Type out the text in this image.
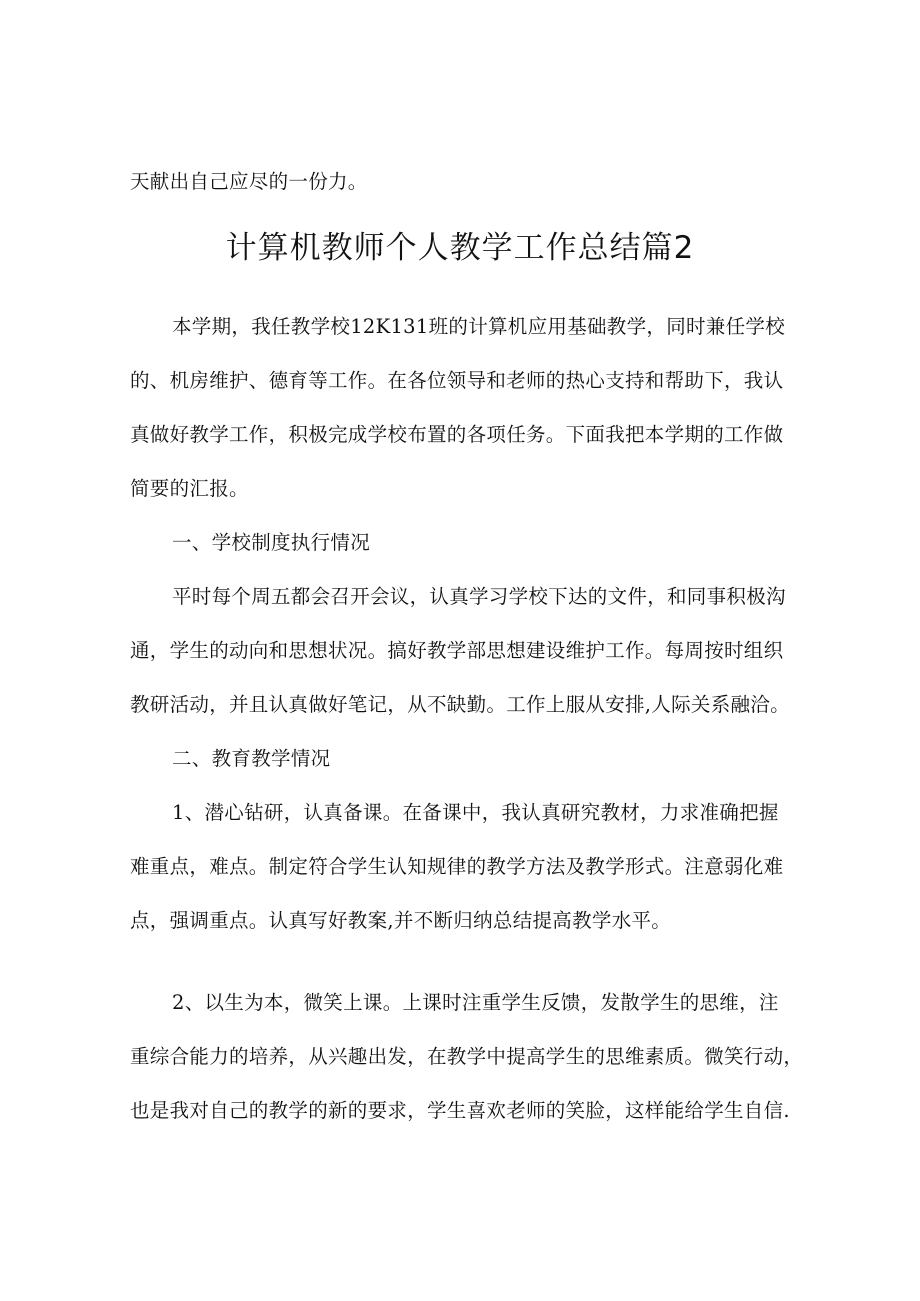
天献出自己应尽的一份力。
计算机教师个人教学工作总结篇2
本学期，我任教学校12K131班的计算机应用基础教学，同时兼任学校
的、机房维护、德育等工作。在各位领导和老师的热心支持和帮助下，我认
真做好教学工作，积极完成学校布置的各项任务。下面我把本学期的工作做
简要的汇报。
一、学校制度执行情况
平时每个周五都会召开会议，认真学习学校下达的文件，和同事积极沟
通，学生的动向和思想状况。搞好教学部思想建设维护工作。每周按时组织
教研活动，并且认真做好笔记，从不缺勤。工作上服从安排,人际关系融洽。
二、教育教学情况
1、潜心钻研，认真备课。在备课中，我认真研究教材，力求准确把握
难重点，难点。制定符合学生认知规律的教学方法及教学形式。注意弱化难
点，强调重点。认真写好教案,并不断归纳总结提高教学水平。
2、以生为本，微笑上课。上课时注重学生反馈，发散学生的思维，注
重综合能力的培养，从兴趣出发，在教学中提高学生的思维素质。微笑行动，
也是我对自己的教学的新的要求，学生喜欢老师的笑脸，这样能给学生自信.
